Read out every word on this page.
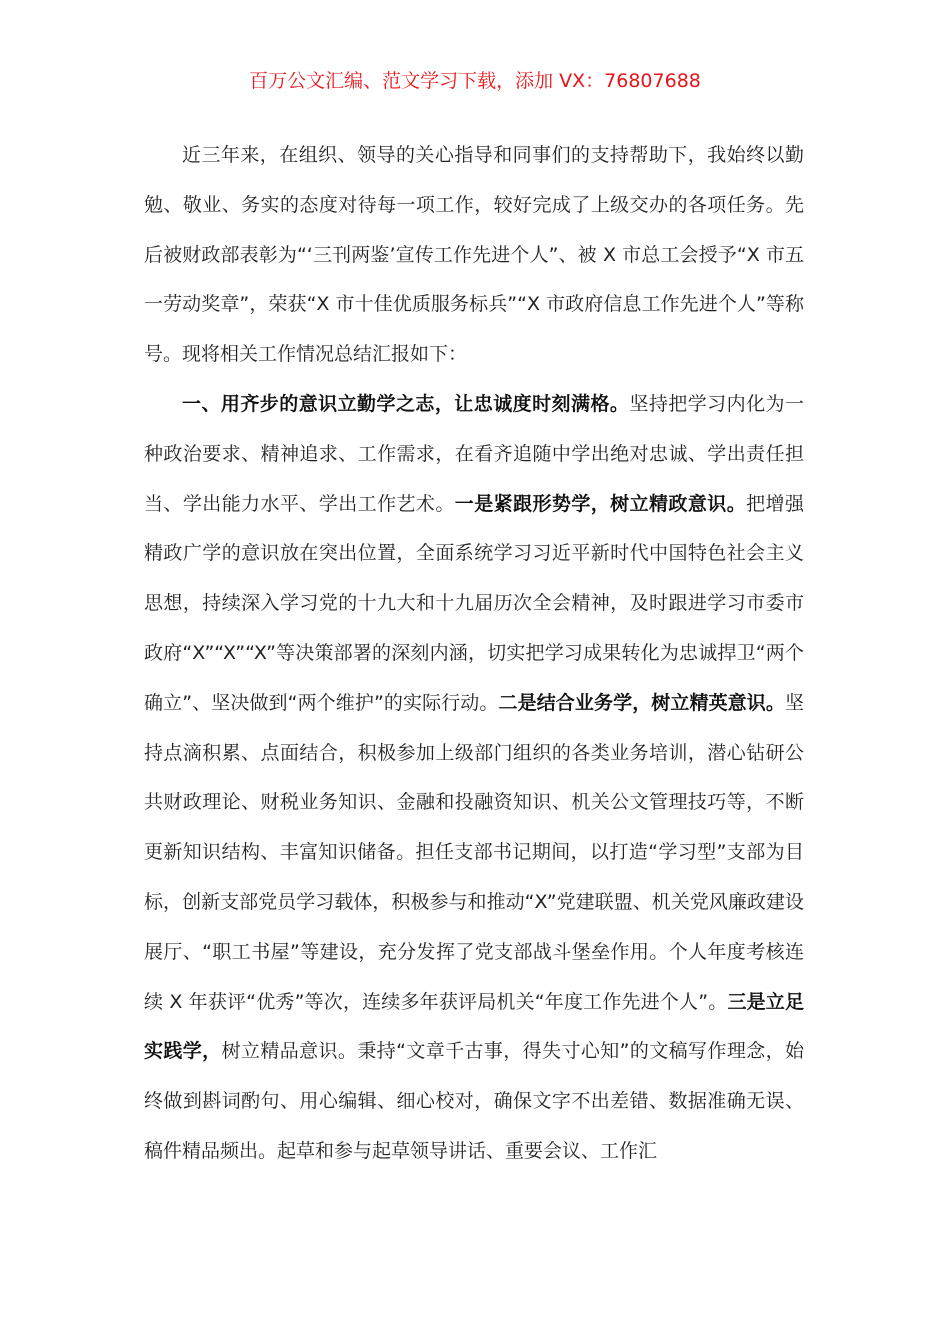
百万公文汇编、范文学习下载，添加 VX：76807688

近三年来，在组织、领导的关心指导和同事们的支持帮助下，我始终以勤勉、敬业、务实的态度对待每一项工作，较好完成了上级交办的各项任务。先后被财政部表彰为“‘三刊两鉴’宣传工作先进个人”、被 X 市总工会授予“X 市五一劳动奖章”，荣获“X 市十佳优质服务标兵”“X 市政府信息工作先进个人”等称号。现将相关工作情况总结汇报如下：

一、用齐步的意识立勤学之志，让忠诚度时刻满格。坚持把学习内化为一种政治要求、精神追求、工作需求，在看齐追随中学出绝对忠诚、学出责任担当、学出能力水平、学出工作艺术。一是紧跟形势学，树立精政意识。把增强精政广学的意识放在突出位置，全面系统学习习近平新时代中国特色社会主义思想，持续深入学习党的十九大和十九届历次全会精神，及时跟进学习市委市政府“X”“X”“X”等决策部署的深刻内涵，切实把学习成果转化为忠诚捍卫“两个确立”、坚决做到“两个维护”的实际行动。二是结合业务学，树立精英意识。坚持点滴积累、点面结合，积极参加上级部门组织的各类业务培训，潜心钻研公共财政理论、财税业务知识、金融和投融资知识、机关公文管理技巧等，不断更新知识结构、丰富知识储备。担任支部书记期间，以打造“学习型”支部为目标，创新支部党员学习载体，积极参与和推动“X”党建联盟、机关党风廉政建设展厅、“职工书屋”等建设，充分发挥了党支部战斗堡垒作用。个人年度考核连续 X 年获评“优秀”等次，连续多年获评局机关“年度工作先进个人”。三是立足实践学，树立精品意识。秉持“文章千古事，得失寸心知”的文稿写作理念，始终做到斟词酌句、用心编辑、细心校对，确保文字不出差错、数据准确无误、稿件精品频出。起草和参与起草领导讲话、重要会议、工作汇
